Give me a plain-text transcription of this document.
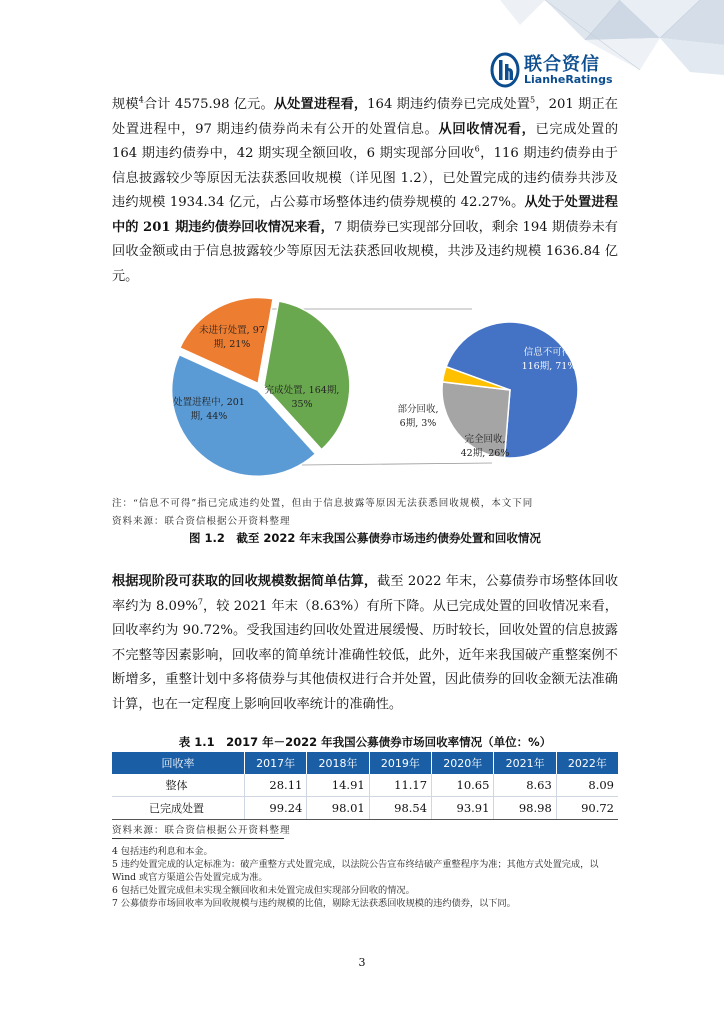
联合资信
LianheRatings

规模$^4$合计 4575.98 亿元。从处置进程看，164 期违约债券已完成处置$^5$，201 期正在处置进程中，97 期违约债券尚未有公开的处置信息。从回收情况看，已完成处置的 164 期违约债券中，42 期实现全额回收，6 期实现部分回收$^6$，116 期违约债券由于信息披露较少等原因无法获悉回收规模（详见图 1.2），已处置完成的违约债券共涉及违约规模 1934.34 亿元，占公募市场整体违约债券规模的 42.27%。从处于处置进程中的 201 期违约债券回收情况来看，7 期债券已实现部分回收，剩余 194 期债券未有回收金额或由于信息披露较少等原因无法获悉回收规模，共涉及违约规模 1636.84 亿元。

完成处置, 164期,
35%
处置进程中, 201
期, 44%
未进行处置, 97
期, 21%
信息不可得,
116期, 71%
完全回收,
42期, 26%
部分回收,
6期, 3%
注：“信息不可得”指已完成违约处置，但由于信息披露等原因无法获悉回收规模，本文下同
资料来源：联合资信根据公开资料整理
图 1.2　截至 2022 年末我国公募债券市场违约债券处置和回收情况

根据现阶段可获取的回收规模数据简单估算，截至 2022 年末，公募债券市场整体回收率约为 8.09%$^7$，较 2021 年末（8.63%）有所下降。从已完成处置的回收情况来看，回收率约为 90.72%。受我国违约回收处置进展缓慢、历时较长，回收处置的信息披露不完整等因素影响，回收率的简单统计准确性较低，此外，近年来我国破产重整案例不断增多，重整计划中多将债券与其他债权进行合并处置，因此债券的回收金额无法准确计算，也在一定程度上影响回收率统计的准确性。

表 1.1　2017 年－2022 年我国公募债券市场回收率情况（单位：%）
回收率	2017年	2018年	2019年	2020年	2021年	2022年
整体	28.11	14.91	11.17	10.65	8.63	8.09
已完成处置	99.24	98.01	98.54	93.91	98.98	90.72
资料来源：联合资信根据公开资料整理

4 包括违约利息和本金。

5 违约处置完成的认定标准为：破产重整方式处置完成，以法院公告宣布终结破产重整程序为准；其他方式处置完成，以 Wind 或官方渠道公告处置完成为准。

6 包括已处置完成但未实现全额回收和未处置完成但实现部分回收的情况。

7 公募债券市场回收率为回收规模与违约规模的比值，剔除无法获悉回收规模的违约债券，以下同。

3
